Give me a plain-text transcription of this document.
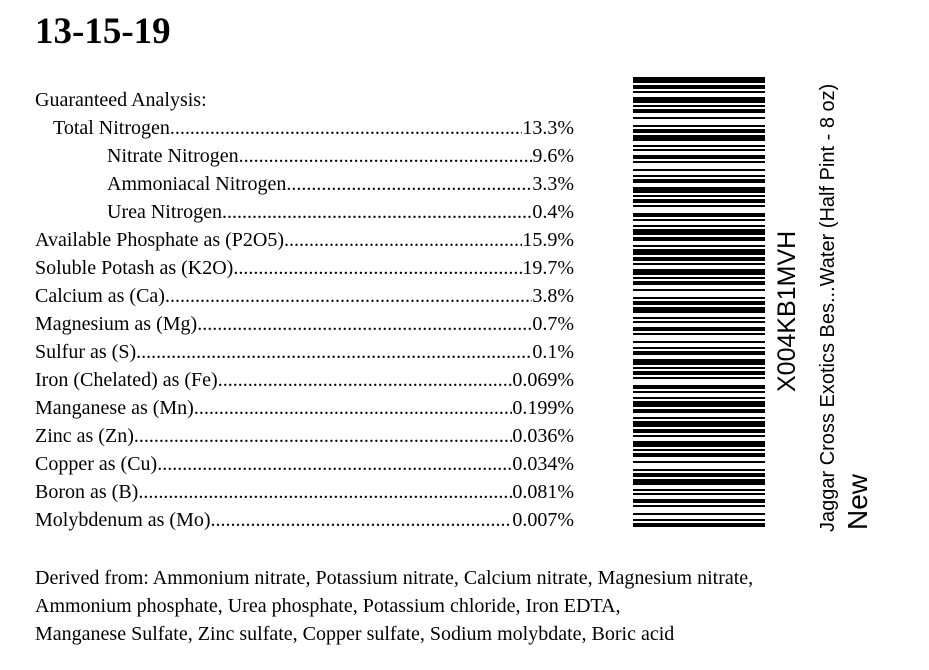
13-15-19
Guaranteed Analysis:
Total Nitrogen .....	13.3%
Nitrate Nitrogen .....	9.6%
Ammoniacal Nitrogen .....	3.3%
Urea Nitrogen .....	0.4%
Available Phosphate as (P2O5) .....	15.9%
Soluble Potash as (K2O) .....	19.7%
Calcium as (Ca) .....	3.8%
Magnesium as (Mg) .....	0.7%
Sulfur as (S) .....	0.1%
Iron (Chelated) as (Fe) .....	0.069%
Manganese as (Mn) .....	0.199%
Zinc as (Zn) .....	0.036%
Copper as (Cu) .....	0.034%
Boron as (B) .....	0.081%
Molybdenum as (Mo) .....	0.007%
Derived from: Ammonium nitrate, Potassium nitrate, Calcium nitrate, Magnesium nitrate,
Ammonium phosphate, Urea phosphate, Potassium chloride, Iron EDTA,
Manganese Sulfate, Zinc sulfate, Copper sulfate, Sodium molybdate, Boric acid
X004KB1MVH Jaggar Cross Exotics Bes...Water (Half Pint - 8 oz) New
